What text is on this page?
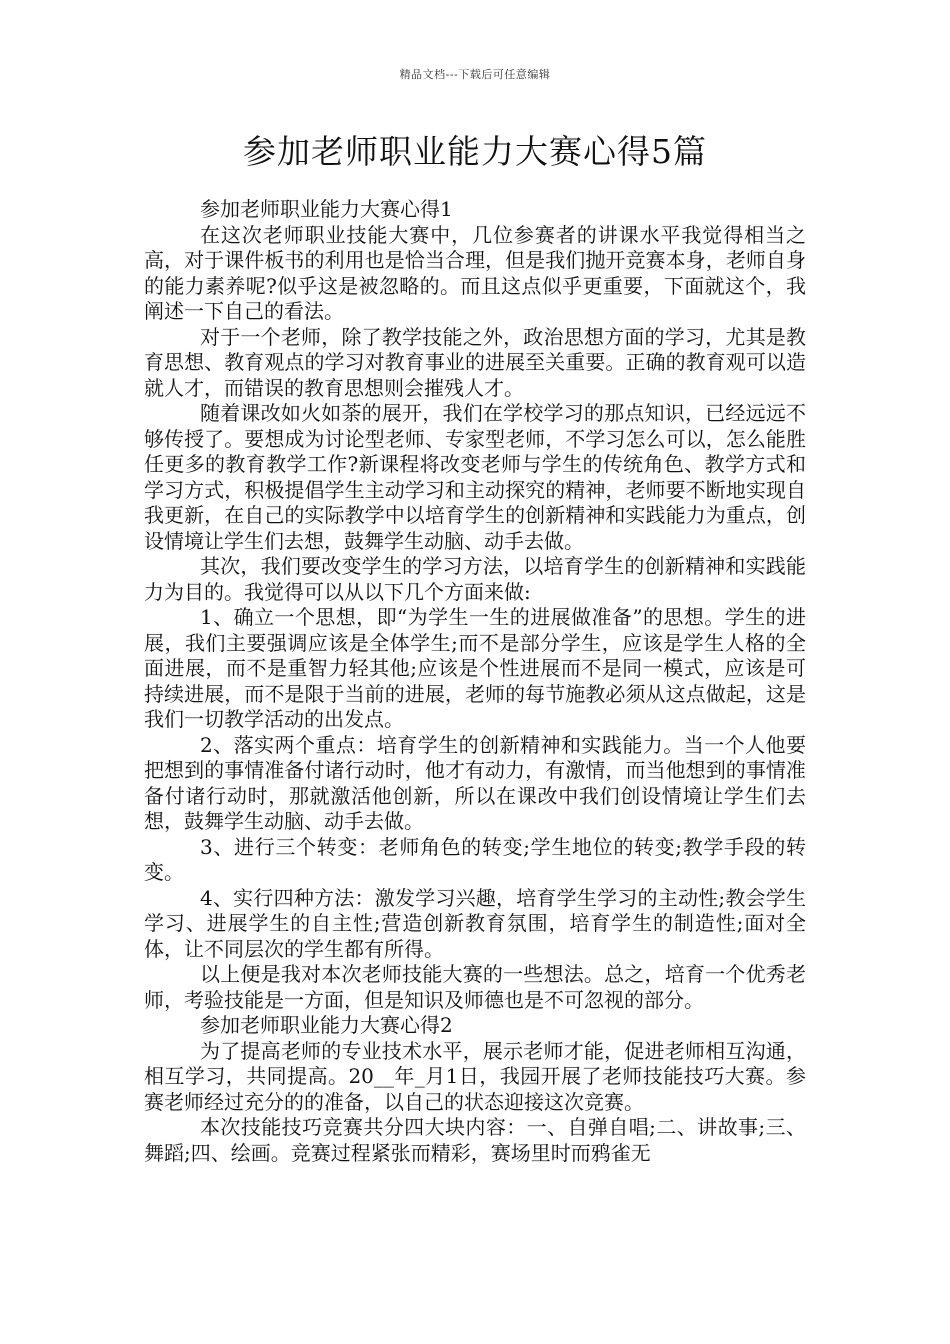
精品文档---下载后可任意编辑
参加老师职业能力大赛心得5篇

参加老师职业能力大赛心得1

在这次老师职业技能大赛中，几位参赛者的讲课水平我觉得相当之高，对于课件板书的利用也是恰当合理，但是我们抛开竞赛本身，老师自身的能力素养呢?似乎这是被忽略的。而且这点似乎更重要，下面就这个，我阐述一下自己的看法。

对于一个老师，除了教学技能之外，政治思想方面的学习，尤其是教育思想、教育观点的学习对教育事业的进展至关重要。正确的教育观可以造就人才，而错误的教育思想则会摧残人才。

随着课改如火如荼的展开，我们在学校学习的那点知识，已经远远不够传授了。要想成为讨论型老师、专家型老师，不学习怎么可以，怎么能胜任更多的教育教学工作?新课程将改变老师与学生的传统角色、教学方式和学习方式，积极提倡学生主动学习和主动探究的精神，老师要不断地实现自我更新，在自己的实际教学中以培育学生的创新精神和实践能力为重点，创设情境让学生们去想，鼓舞学生动脑、动手去做。

其次，我们要改变学生的学习方法，以培育学生的创新精神和实践能力为目的。我觉得可以从以下几个方面来做:

1、确立一个思想，即“为学生一生的进展做准备”的思想。学生的进展，我们主要强调应该是全体学生;而不是部分学生，应该是学生人格的全面进展，而不是重智力轻其他;应该是个性进展而不是同一模式，应该是可持续进展，而不是限于当前的进展，老师的每节施教必须从这点做起，这是我们一切教学活动的出发点。

2、落实两个重点：培育学生的创新精神和实践能力。当一个人他要把想到的事情准备付诸行动时，他才有动力，有激情，而当他想到的事情准备付诸行动时，那就激活他创新，所以在课改中我们创设情境让学生们去想，鼓舞学生动脑、动手去做。

3、进行三个转变：老师角色的转变;学生地位的转变;教学手段的转变。

4、实行四种方法：激发学习兴趣，培育学生学习的主动性;教会学生学习、进展学生的自主性;营造创新教育氛围，培育学生的制造性;面对全体，让不同层次的学生都有所得。

以上便是我对本次老师技能大赛的一些想法。总之，培育一个优秀老师，考验技能是一方面，但是知识及师德也是不可忽视的部分。

参加老师职业能力大赛心得2

为了提高老师的专业技术水平，展示老师才能，促进老师相互沟通，相互学习，共同提高。20__年_月1日，我园开展了老师技能技巧大赛。参赛老师经过充分的的准备，以自己的状态迎接这次竞赛。

本次技能技巧竞赛共分四大块内容：一、自弹自唱;二、讲故事;三、舞蹈;四、绘画。竞赛过程紧张而精彩，赛场里时而鸦雀无
